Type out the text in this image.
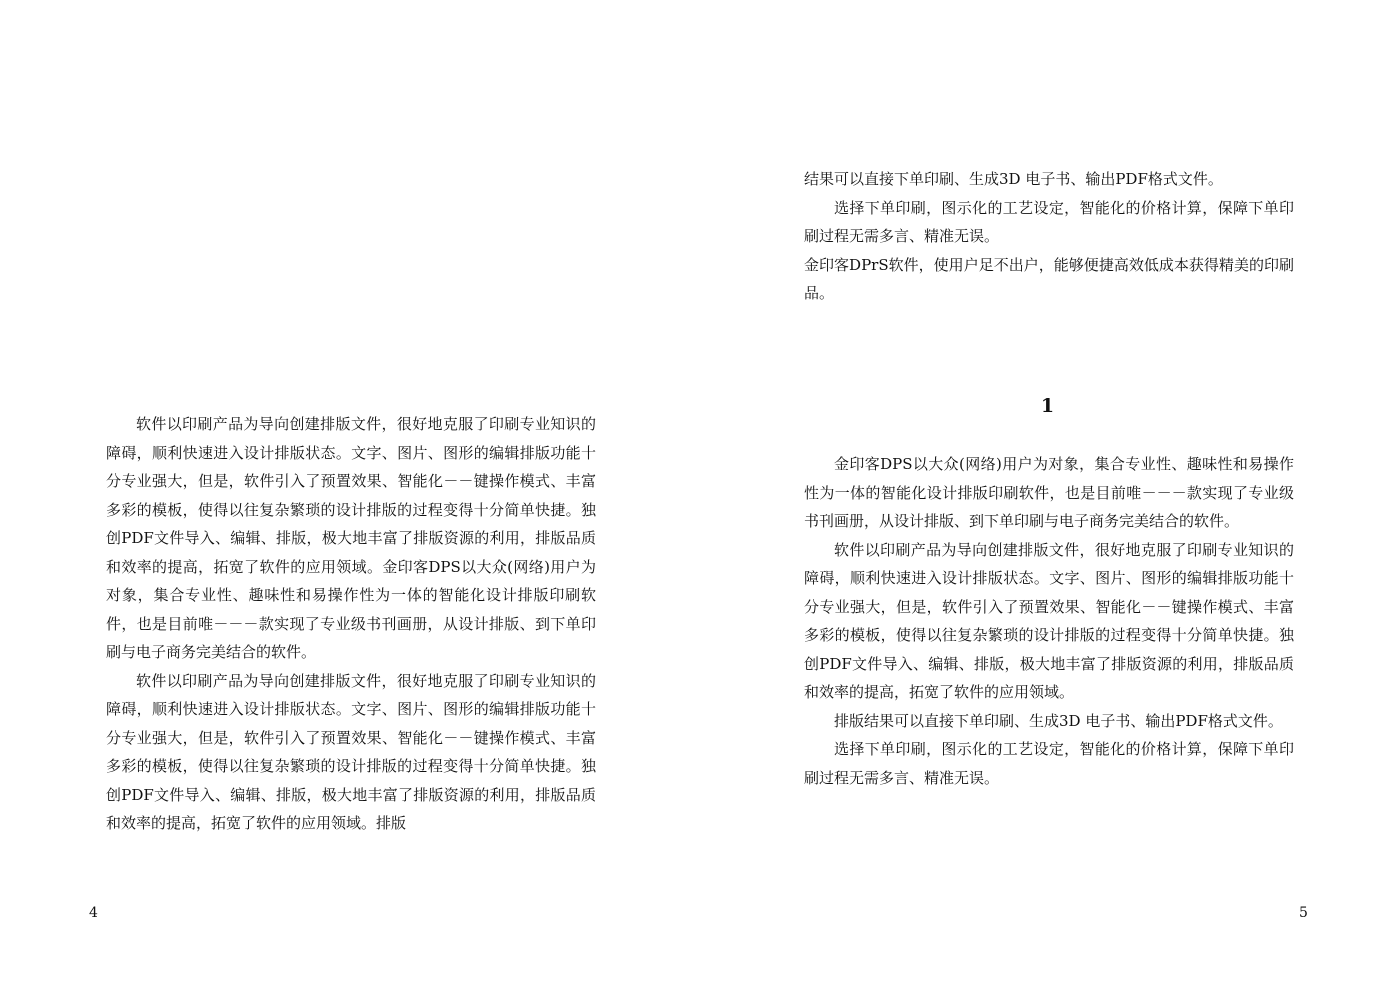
软件以印刷产品为导向创建排版文件，很好地克服了印刷专业知识的障碍，顺利快速进入设计排版状态。文字、图片、图形的编辑排版功能十分专业强大，但是，软件引入了预置效果、智能化－－键操作模式、丰富多彩的模板，使得以往复杂繁琐的设计排版的过程变得十分简单快捷。独创PDF文件导入、编辑、排版，极大地丰富了排版资源的利用，排版品质和效率的提高，拓宽了软件的应用领域。金印客DPS以大众(网络)用户为对象，集合专业性、趣味性和易操作性为一体的智能化设计排版印刷软件，也是目前唯－－－款实现了专业级书刊画册，从设计排版、到下单印刷与电子商务完美结合的软件。

软件以印刷产品为导向创建排版文件，很好地克服了印刷专业知识的障碍，顺利快速进入设计排版状态。文字、图片、图形的编辑排版功能十分专业强大，但是，软件引入了预置效果、智能化－－键操作模式、丰富多彩的模板，使得以往复杂繁琐的设计排版的过程变得十分简单快捷。独创PDF文件导入、编辑、排版，极大地丰富了排版资源的利用，排版品质和效率的提高，拓宽了软件的应用领域。排版

4

结果可以直接下单印刷、生成3D 电子书、输出PDF格式文件。

选择下单印刷，图示化的工艺设定，智能化的价格计算，保障下单印刷过程无需多言、精准无误。

金印客DPrS软件，使用户足不出户，能够便捷高效低成本获得精美的印刷品。

1

金印客DPS以大众(网络)用户为对象，集合专业性、趣味性和易操作性为一体的智能化设计排版印刷软件，也是目前唯－－－款实现了专业级书刊画册，从设计排版、到下单印刷与电子商务完美结合的软件。

软件以印刷产品为导向创建排版文件，很好地克服了印刷专业知识的障碍，顺利快速进入设计排版状态。文字、图片、图形的编辑排版功能十分专业强大，但是，软件引入了预置效果、智能化－－键操作模式、丰富多彩的模板，使得以往复杂繁琐的设计排版的过程变得十分简单快捷。独创PDF文件导入、编辑、排版，极大地丰富了排版资源的利用，排版品质和效率的提高，拓宽了软件的应用领域。

排版结果可以直接下单印刷、生成3D 电子书、输出PDF格式文件。

选择下单印刷，图示化的工艺设定，智能化的价格计算，保障下单印刷过程无需多言、精准无误。

5
